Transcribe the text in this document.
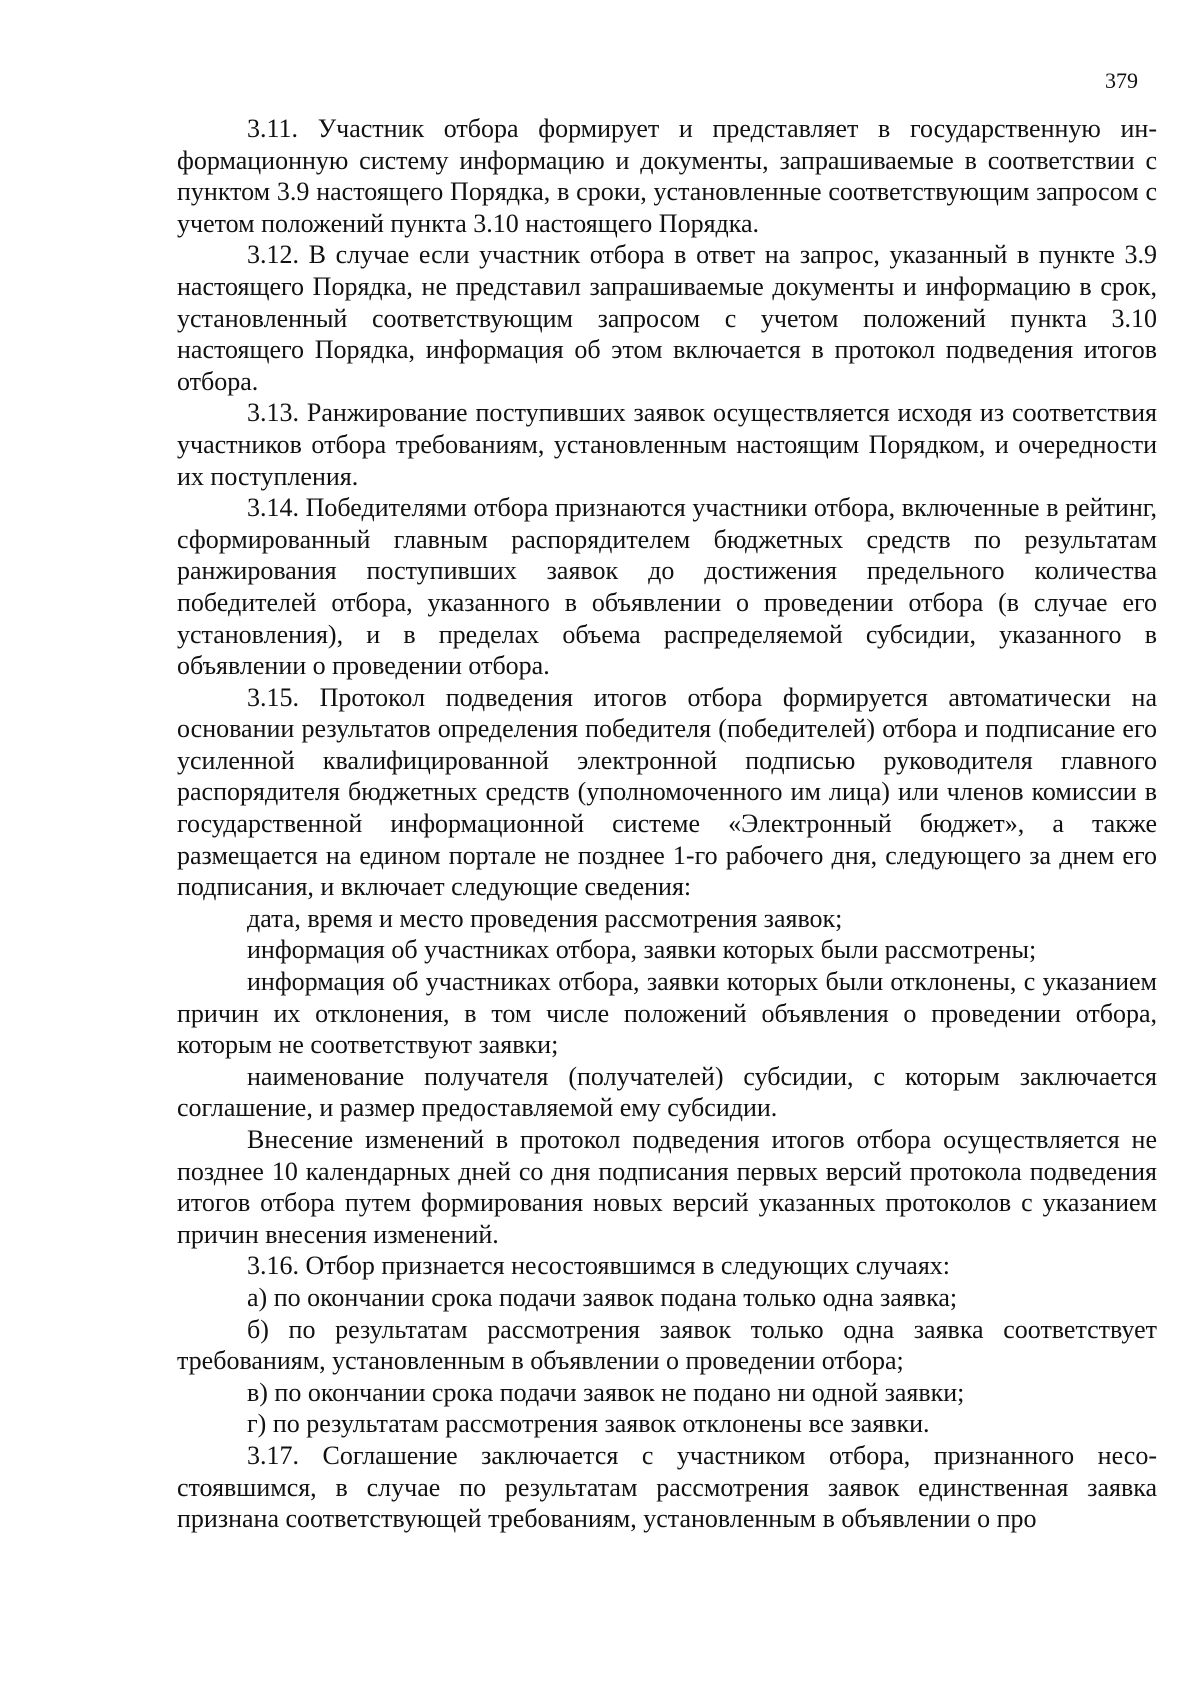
379

3.11. Участник отбора формирует и представляет в государственную информационную систему информацию и документы, запрашиваемые в соответствии с пунктом 3.9 настоящего Порядка, в сроки, установленные соответствующим запросом с учетом положений пункта 3.10 настоящего Порядка.

3.12. В случае если участник отбора в ответ на запрос, указанный в пункте 3.9 настоящего Порядка, не представил запрашиваемые документы и информацию в срок, установленный соответствующим запросом с учетом положений пункта 3.10 настоящего Порядка, информация об этом включается в протокол подведения итогов отбора.

3.13. Ранжирование поступивших заявок осуществляется исходя из соответствия участников отбора требованиям, установленным настоящим Порядком, и очередности их поступления.

3.14. Победителями отбора признаются участники отбора, включенные в рейтинг, сформированный главным распорядителем бюджетных средств по результатам ранжирования поступивших заявок до достижения предельного количества победителей отбора, указанного в объявлении о проведении отбора (в случае его установления), и в пределах объема распределяемой субсидии, указанного в объявлении о проведении отбора.

3.15. Протокол подведения итогов отбора формируется автоматически на основании результатов определения победителя (победителей) отбора и подписание его усиленной квалифицированной электронной подписью руководителя главного распорядителя бюджетных средств (уполномоченного им лица) или членов комиссии в государственной информационной системе «Электронный бюджет», а также размещается на едином портале не позднее 1-го рабочего дня, следующего за днем его подписания, и включает следующие сведения:

дата, время и место проведения рассмотрения заявок;

информация об участниках отбора, заявки которых были рассмотрены;

информация об участниках отбора, заявки которых были отклонены, с указанием причин их отклонения, в том числе положений объявления о проведении отбора, которым не соответствуют заявки;

наименование получателя (получателей) субсидии, с которым заключается соглашение, и размер предоставляемой ему субсидии.

Внесение изменений в протокол подведения итогов отбора осуществляется не позднее 10 календарных дней со дня подписания первых версий протокола подведения итогов отбора путем формирования новых версий указанных протоколов с указанием причин внесения изменений.

3.16. Отбор признается несостоявшимся в следующих случаях:

а) по окончании срока подачи заявок подана только одна заявка;

б) по результатам рассмотрения заявок только одна заявка соответствует требованиям, установленным в объявлении о проведении отбора;

в) по окончании срока подачи заявок не подано ни одной заявки;

г) по результатам рассмотрения заявок отклонены все заявки.

3.17. Соглашение заключается с участником отбора, признанного несостоявшимся, в случае по результатам рассмотрения заявок единственная заявка признана соответствующей требованиям, установленным в объявлении о про
